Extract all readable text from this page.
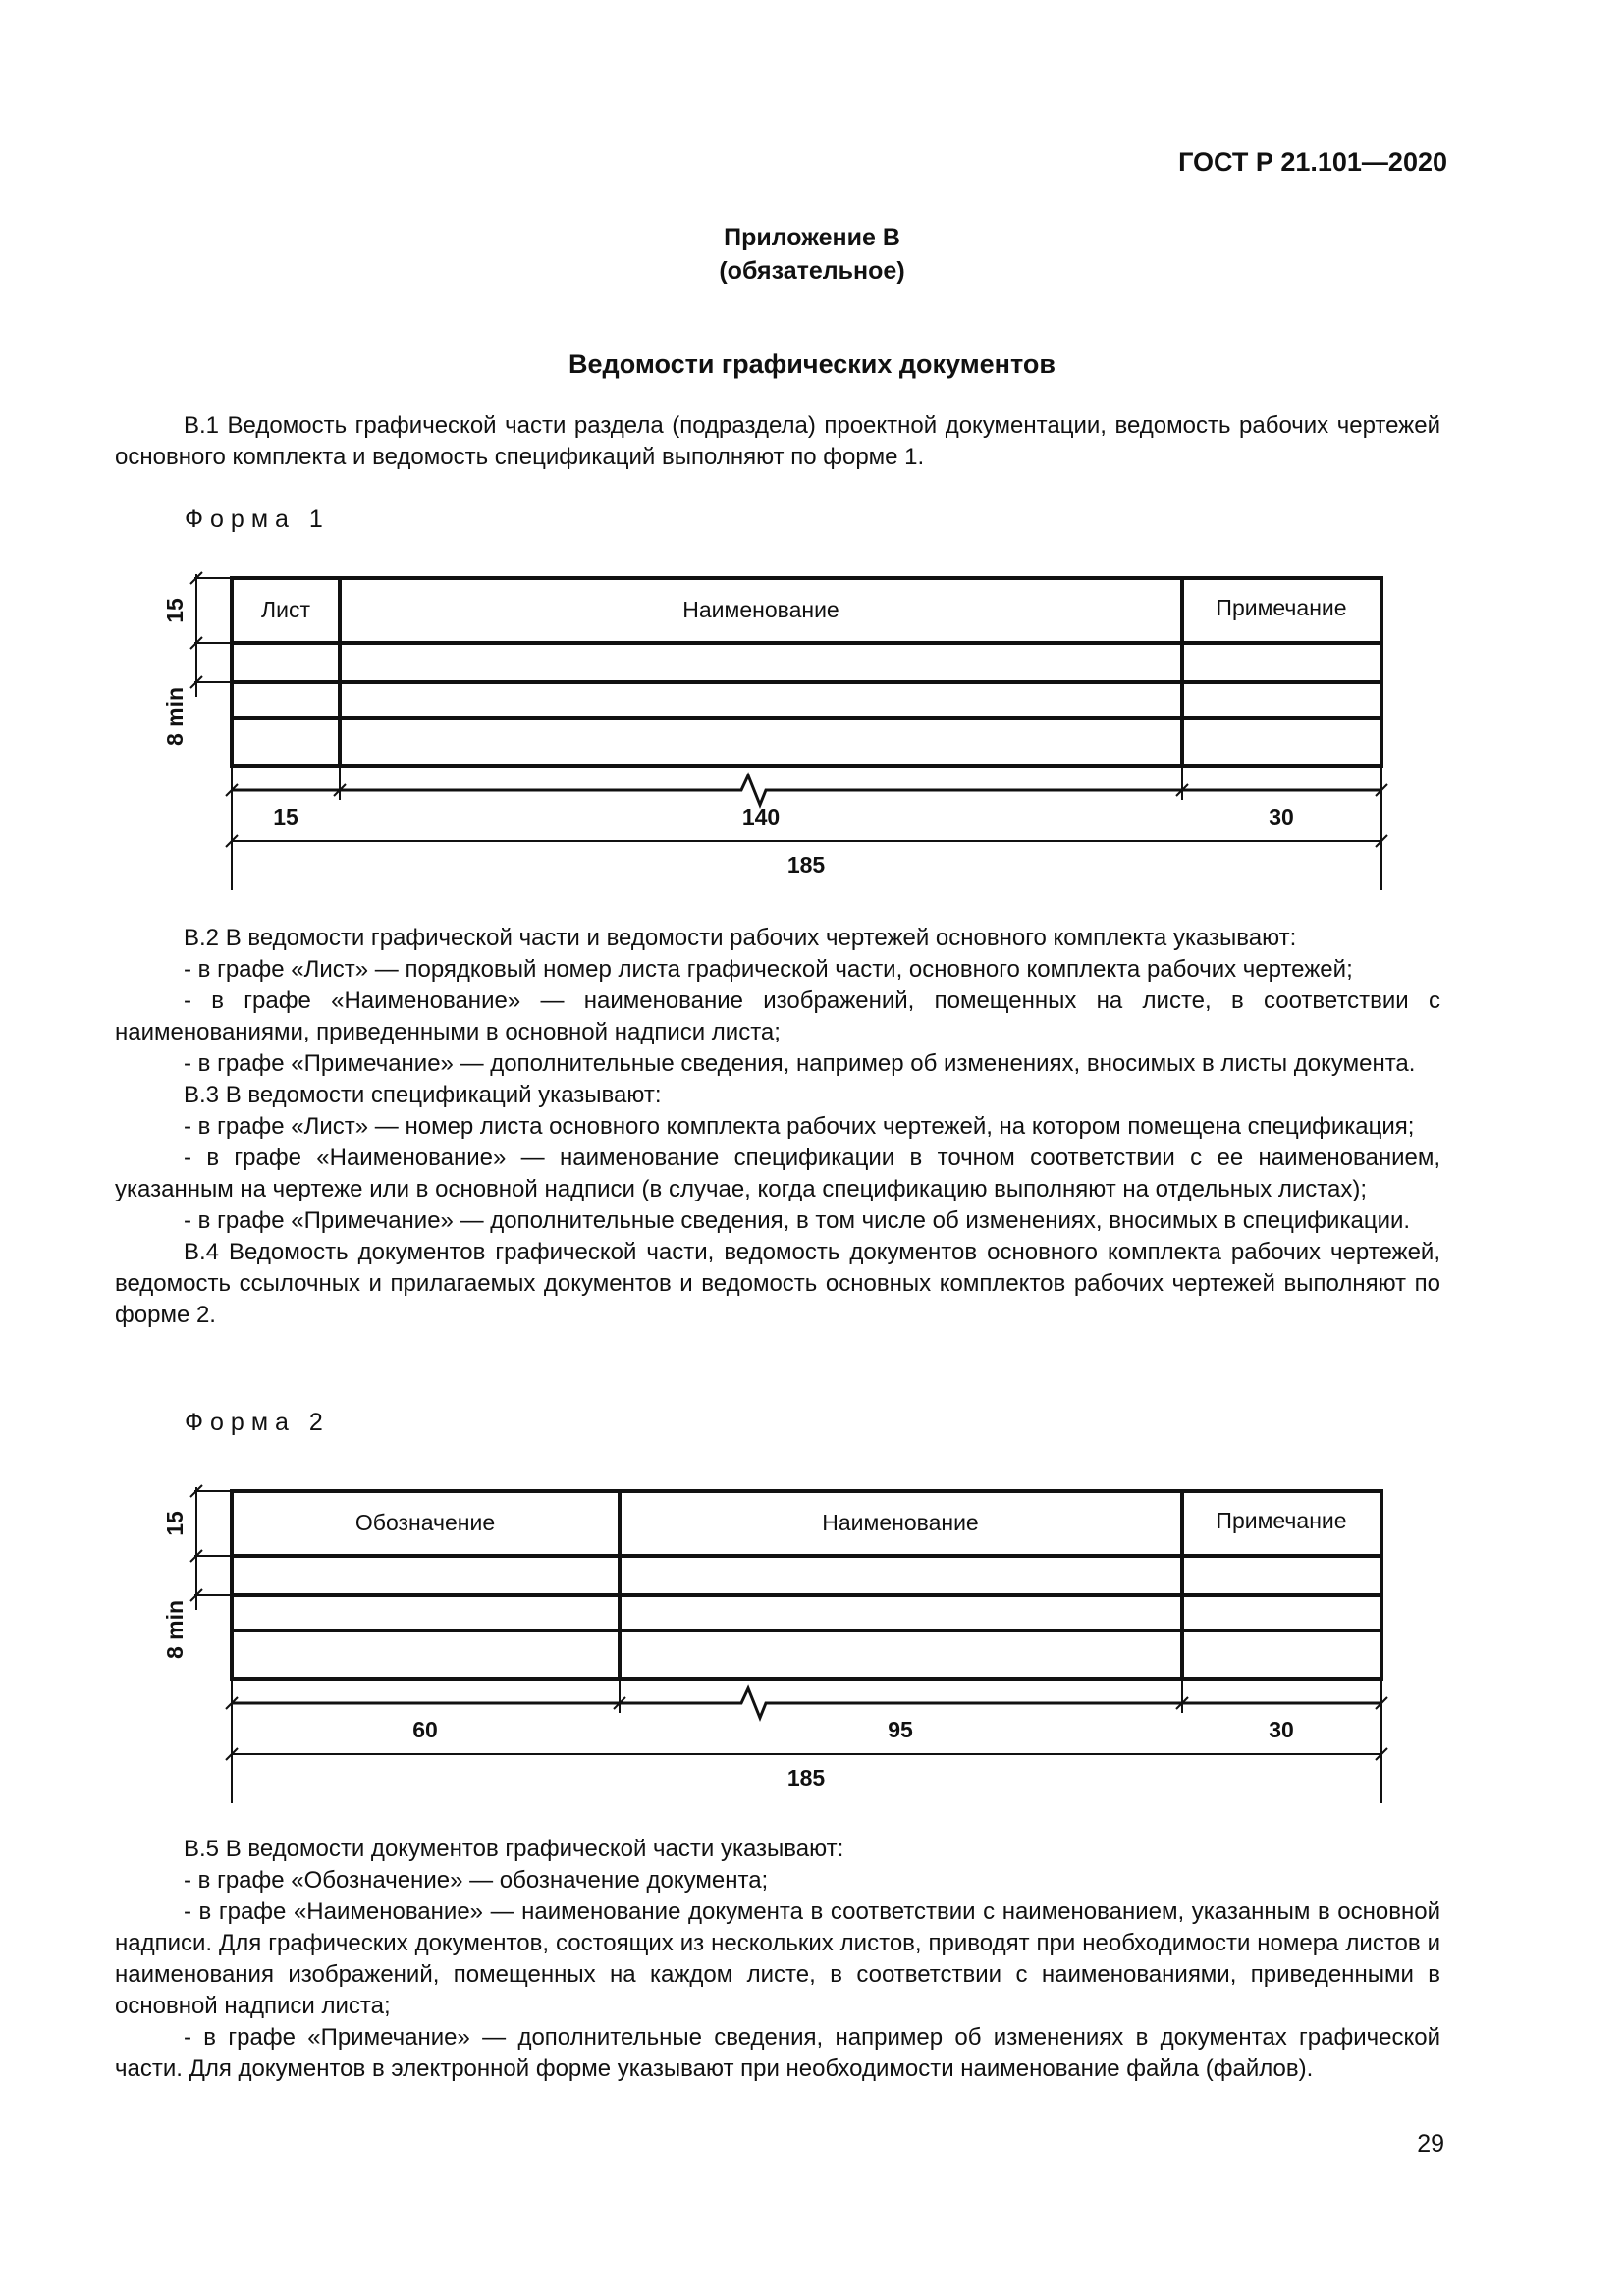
ГОСТ Р 21.101—2020
Приложение В
(обязательное)
Ведомости графических документов

В.1 Ведомость графической части раздела (подраздела) проектной документации, ведомость рабочих чертежей основного комплекта и ведомость спецификаций выполняют по форме 1.

Форма 1
Лист	Наименование	Примечание
15	140	30
185
15
8 min

В.2 В ведомости графической части и ведомости рабочих чертежей основного комплекта указывают:

- в графе «Лист» — порядковый номер листа графической части, основного комплекта рабочих чертежей;

- в графе «Наименование» — наименование изображений, помещенных на листе, в соответствии с наименованиями, приведенными в основной надписи листа;

- в графе «Примечание» — дополнительные сведения, например об изменениях, вносимых в листы документа.

В.3 В ведомости спецификаций указывают:

- в графе «Лист» — номер листа основного комплекта рабочих чертежей, на котором помещена спецификация;

- в графе «Наименование» — наименование спецификации в точном соответствии с ее наименованием, указанным на чертеже или в основной надписи (в случае, когда спецификацию выполняют на отдельных листах);

- в графе «Примечание» — дополнительные сведения, в том числе об изменениях, вносимых в спецификации.

В.4 Ведомость документов графической части, ведомость документов основного комплекта рабочих чертежей, ведомость ссылочных и прилагаемых документов и ведомость основных комплектов рабочих чертежей выполняют по форме 2.

Форма 2
Обозначение	Наименование	Примечание
60	95	30
185
15
8 min

В.5 В ведомости документов графической части указывают:

- в графе «Обозначение» — обозначение документа;

- в графе «Наименование» — наименование документа в соответствии с наименованием, указанным в основной надписи. Для графических документов, состоящих из нескольких листов, приводят при необходимости номера листов и наименования изображений, помещенных на каждом листе, в соответствии с наименованиями, приведенными в основной надписи листа;

- в графе «Примечание» — дополнительные сведения, например об изменениях в документах графической части. Для документов в электронной форме указывают при необходимости наименование файла (файлов).

29
